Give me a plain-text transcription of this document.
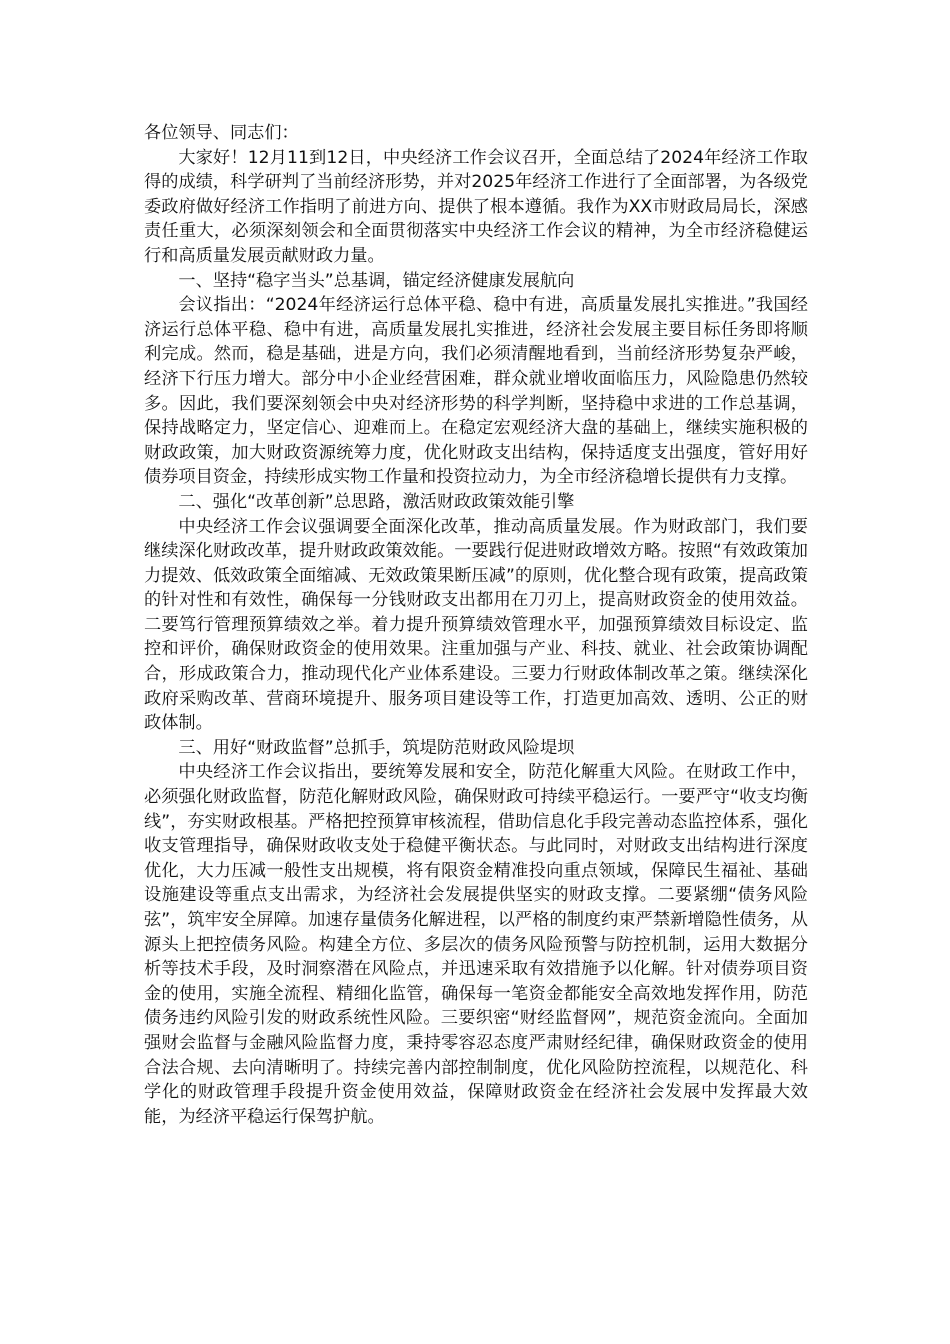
各位领导、同志们：

大家好！12月11到12日，中央经济工作会议召开，全面总结了2024年经济工作取得的成绩，科学研判了当前经济形势，并对2025年经济工作进行了全面部署，为各级党委政府做好经济工作指明了前进方向、提供了根本遵循。我作为XX市财政局局长，深感责任重大，必须深刻领会和全面贯彻落实中央经济工作会议的精神，为全市经济稳健运行和高质量发展贡献财政力量。

一、坚持“稳字当头”总基调，锚定经济健康发展航向

会议指出：“2024年经济运行总体平稳、稳中有进，高质量发展扎实推进。”我国经济运行总体平稳、稳中有进，高质量发展扎实推进，经济社会发展主要目标任务即将顺利完成。然而，稳是基础，进是方向，我们必须清醒地看到，当前经济形势复杂严峻，经济下行压力增大。部分中小企业经营困难，群众就业增收面临压力，风险隐患仍然较多。因此，我们要深刻领会中央对经济形势的科学判断，坚持稳中求进的工作总基调，保持战略定力，坚定信心、迎难而上。在稳定宏观经济大盘的基础上，继续实施积极的财政政策，加大财政资源统筹力度，优化财政支出结构，保持适度支出强度，管好用好债券项目资金，持续形成实物工作量和投资拉动力，为全市经济稳增长提供有力支撑。

二、强化“改革创新”总思路，激活财政政策效能引擎

中央经济工作会议强调要全面深化改革，推动高质量发展。作为财政部门，我们要继续深化财政改革，提升财政政策效能。一要践行促进财政增效方略。按照“有效政策加力提效、低效政策全面缩减、无效政策果断压减”的原则，优化整合现有政策，提高政策的针对性和有效性，确保每一分钱财政支出都用在刀刃上，提高财政资金的使用效益。二要笃行管理预算绩效之举。着力提升预算绩效管理水平，加强预算绩效目标设定、监控和评价，确保财政资金的使用效果。注重加强与产业、科技、就业、社会政策协调配合，形成政策合力，推动现代化产业体系建设。三要力行财政体制改革之策。继续深化政府采购改革、营商环境提升、服务项目建设等工作，打造更加高效、透明、公正的财政体制。

三、用好“财政监督”总抓手，筑堤防范财政风险堤坝

中央经济工作会议指出，要统筹发展和安全，防范化解重大风险。在财政工作中，必须强化财政监督，防范化解财政风险，确保财政可持续平稳运行。一要严守“收支均衡线”，夯实财政根基。严格把控预算审核流程，借助信息化手段完善动态监控体系，强化收支管理指导，确保财政收支处于稳健平衡状态。与此同时，对财政支出结构进行深度优化，大力压减一般性支出规模，将有限资金精准投向重点领域，保障民生福祉、基础设施建设等重点支出需求，为经济社会发展提供坚实的财政支撑。二要紧绷“债务风险弦”，筑牢安全屏障。加速存量债务化解进程，以严格的制度约束严禁新增隐性债务，从源头上把控债务风险。构建全方位、多层次的债务风险预警与防控机制，运用大数据分析等技术手段，及时洞察潜在风险点，并迅速采取有效措施予以化解。针对债券项目资金的使用，实施全流程、精细化监管，确保每一笔资金都能安全高效地发挥作用，防范债务违约风险引发的财政系统性风险。三要织密“财经监督网”，规范资金流向。全面加强财会监督与金融风险监督力度，秉持零容忍态度严肃财经纪律，确保财政资金的使用合法合规、去向清晰明了。持续完善内部控制制度，优化风险防控流程，以规范化、科学化的财政管理手段提升资金使用效益，保障财政资金在经济社会发展中发挥最大效能，为经济平稳运行保驾护航。
